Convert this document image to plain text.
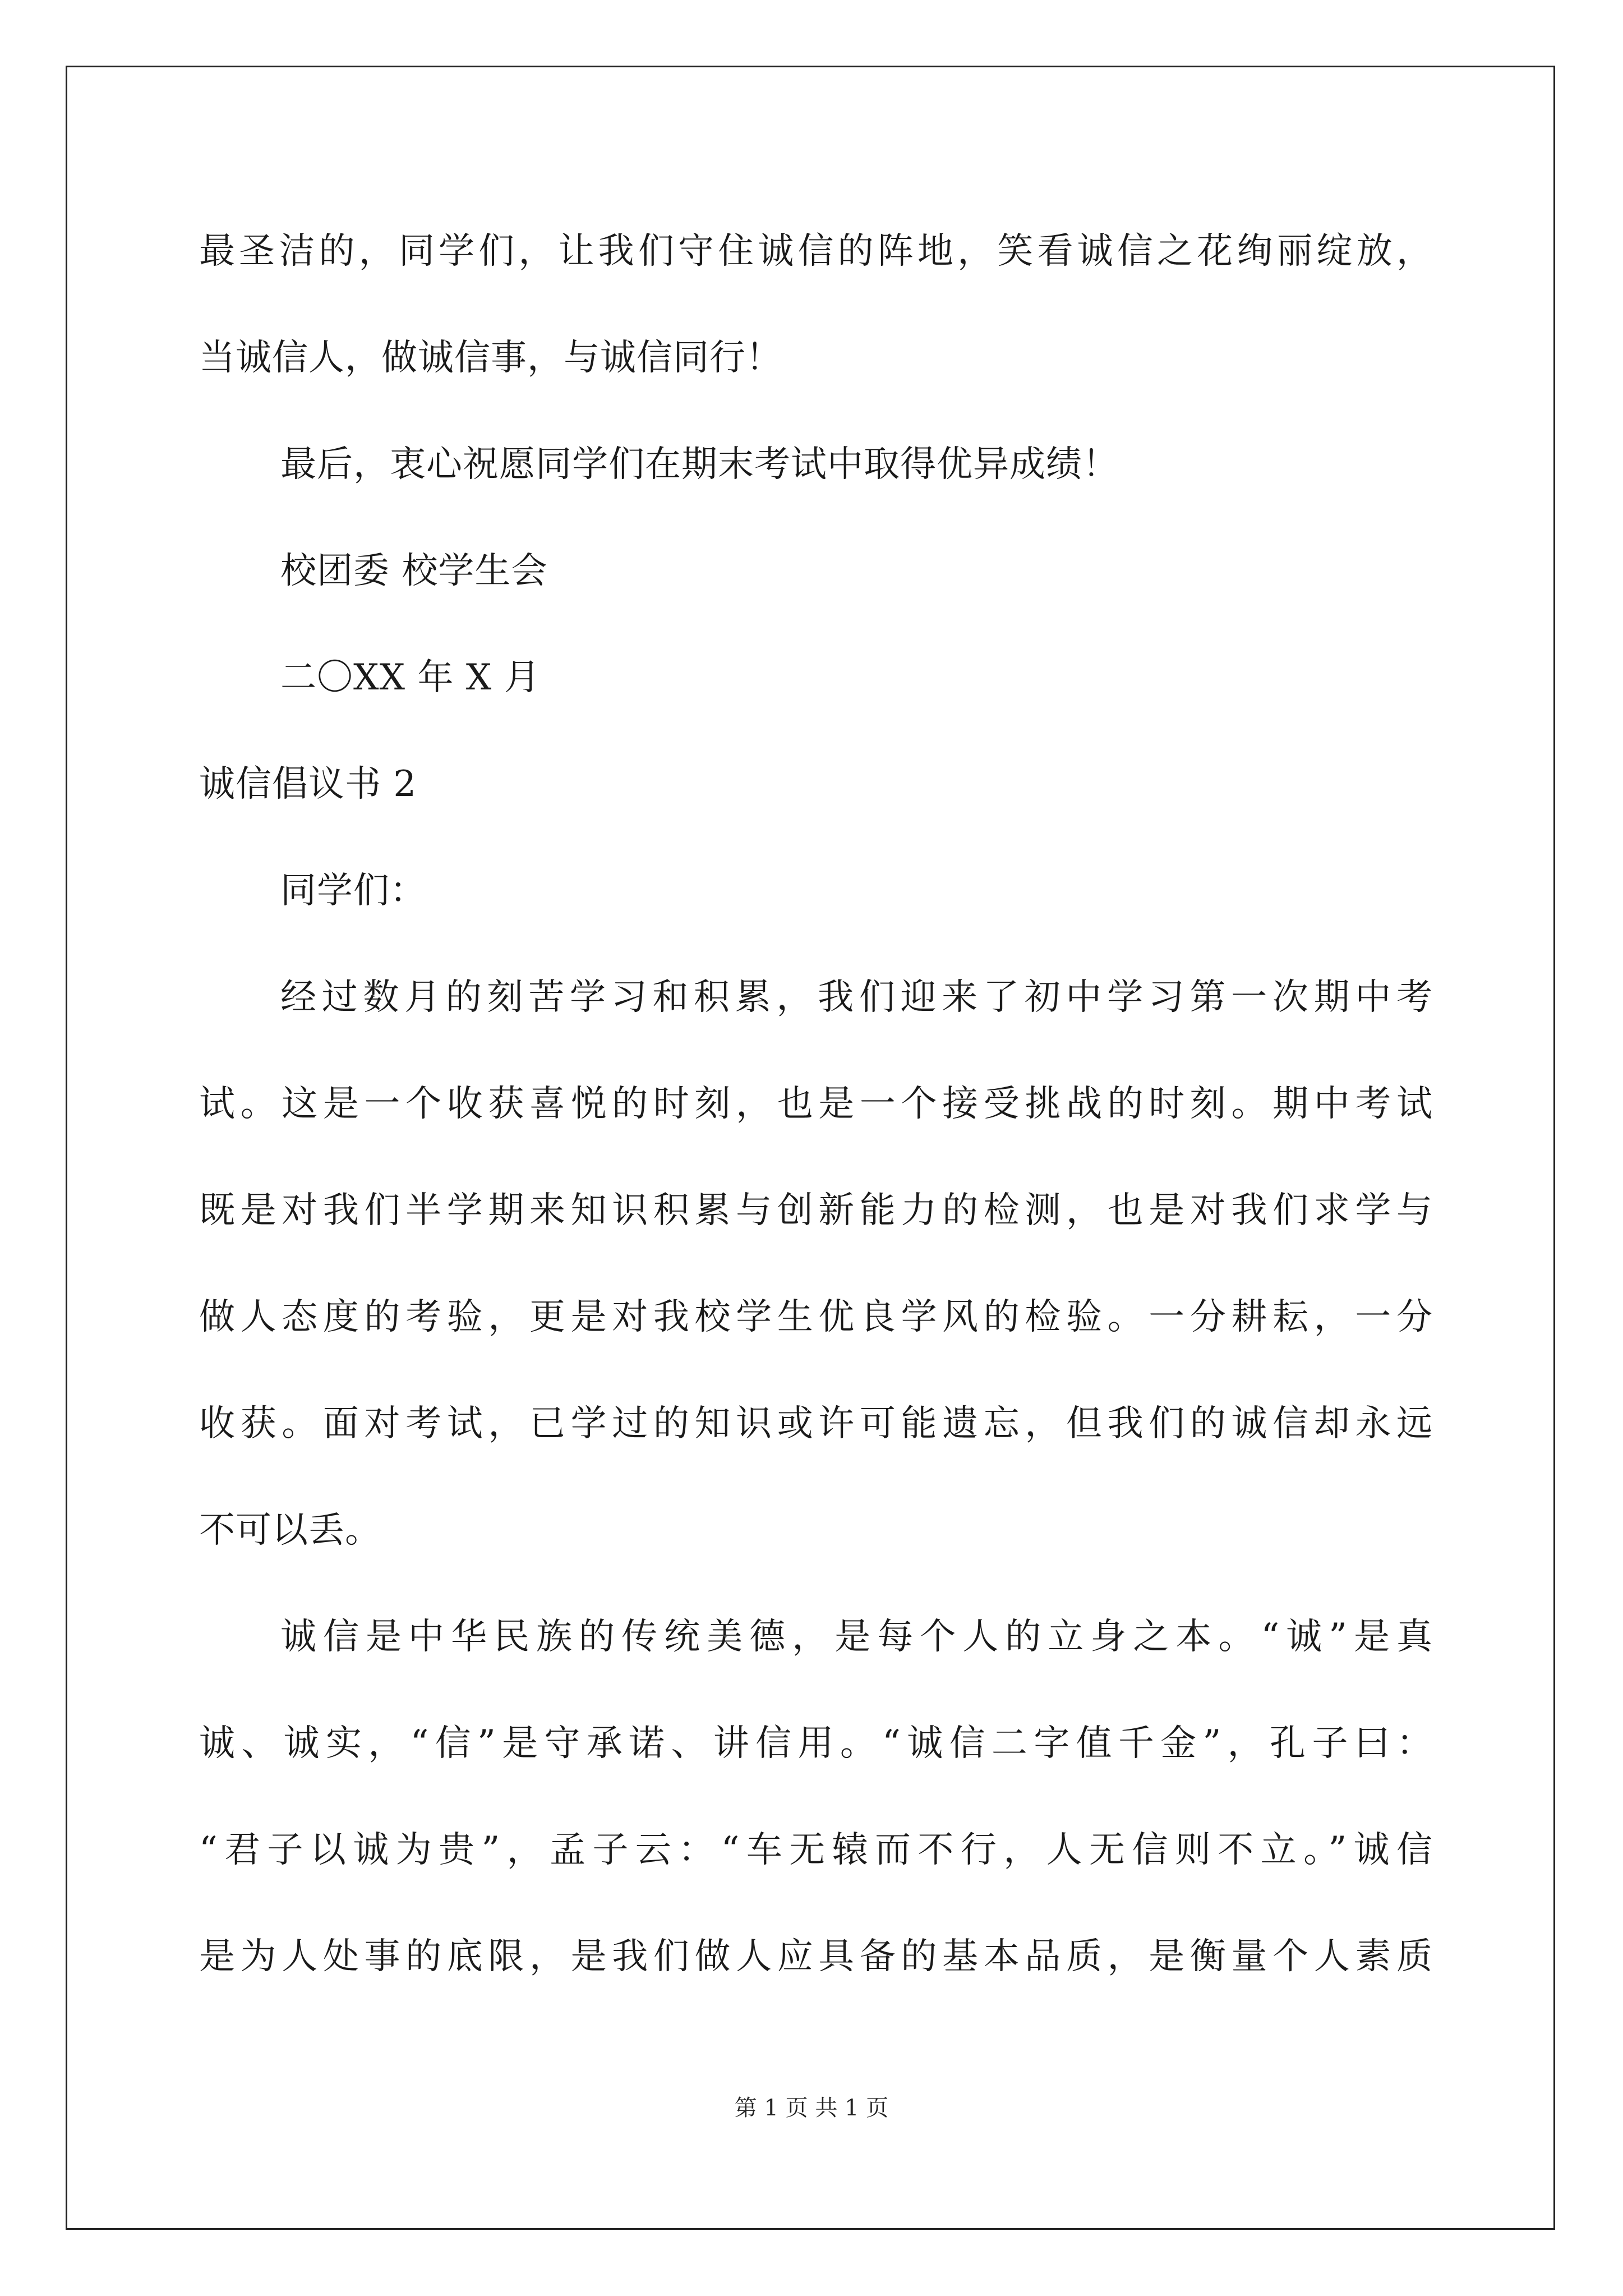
最圣洁的，同学们，让我们守住诚信的阵地，笑看诚信之花绚丽绽放，
当诚信人，做诚信事，与诚信同行！
最后，衷心祝愿同学们在期末考试中取得优异成绩！
校团委 校学生会
二〇XX 年 X 月
诚信倡议书 2
同学们：
经过数月的刻苦学习和积累，我们迎来了初中学习第一次期中考
试。这是一个收获喜悦的时刻，也是一个接受挑战的时刻。期中考试
既是对我们半学期来知识积累与创新能力的检测，也是对我们求学与
做人态度的考验，更是对我校学生优良学风的检验。一分耕耘，一分
收获。面对考试，已学过的知识或许可能遗忘，但我们的诚信却永远
不可以丢。
诚信是中华民族的传统美德，是每个人的立身之本。“诚”是真
诚、诚实，“信”是守承诺、讲信用。“诚信二字值千金”，孔子曰：
“君子以诚为贵”，孟子云：“车无辕而不行，人无信则不立。”诚信
是为人处事的底限，是我们做人应具备的基本品质，是衡量个人素质
第 1 页 共 1 页
